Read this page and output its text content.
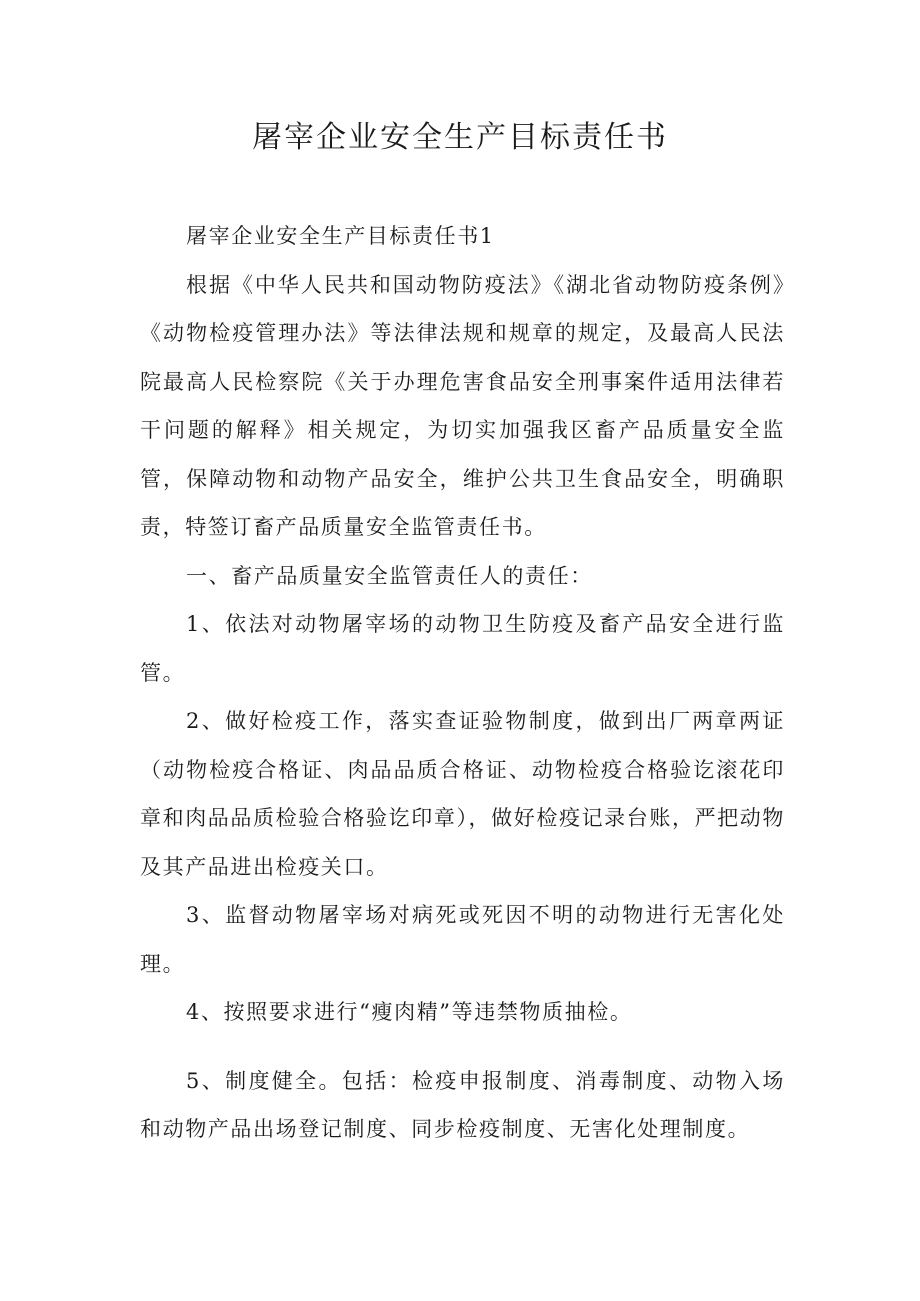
屠宰企业安全生产目标责任书

屠宰企业安全生产目标责任书1

根据《中华人民共和国动物防疫法》《湖北省动物防疫条例》《动物检疫管理办法》等法律法规和规章的规定，及最高人民法院最高人民检察院《关于办理危害食品安全刑事案件适用法律若干问题的解释》相关规定，为切实加强我区畜产品质量安全监管，保障动物和动物产品安全，维护公共卫生食品安全，明确职责，特签订畜产品质量安全监管责任书。

一、畜产品质量安全监管责任人的责任：

1、依法对动物屠宰场的动物卫生防疫及畜产品安全进行监管。

2、做好检疫工作，落实查证验物制度，做到出厂两章两证（动物检疫合格证、肉品品质合格证、动物检疫合格验讫滚花印章和肉品品质检验合格验讫印章），做好检疫记录台账，严把动物及其产品进出检疫关口。

3、监督动物屠宰场对病死或死因不明的动物进行无害化处理。

4、按照要求进行“瘦肉精”等违禁物质抽检。

5、制度健全。包括：检疫申报制度、消毒制度、动物入场和动物产品出场登记制度、同步检疫制度、无害化处理制度。
